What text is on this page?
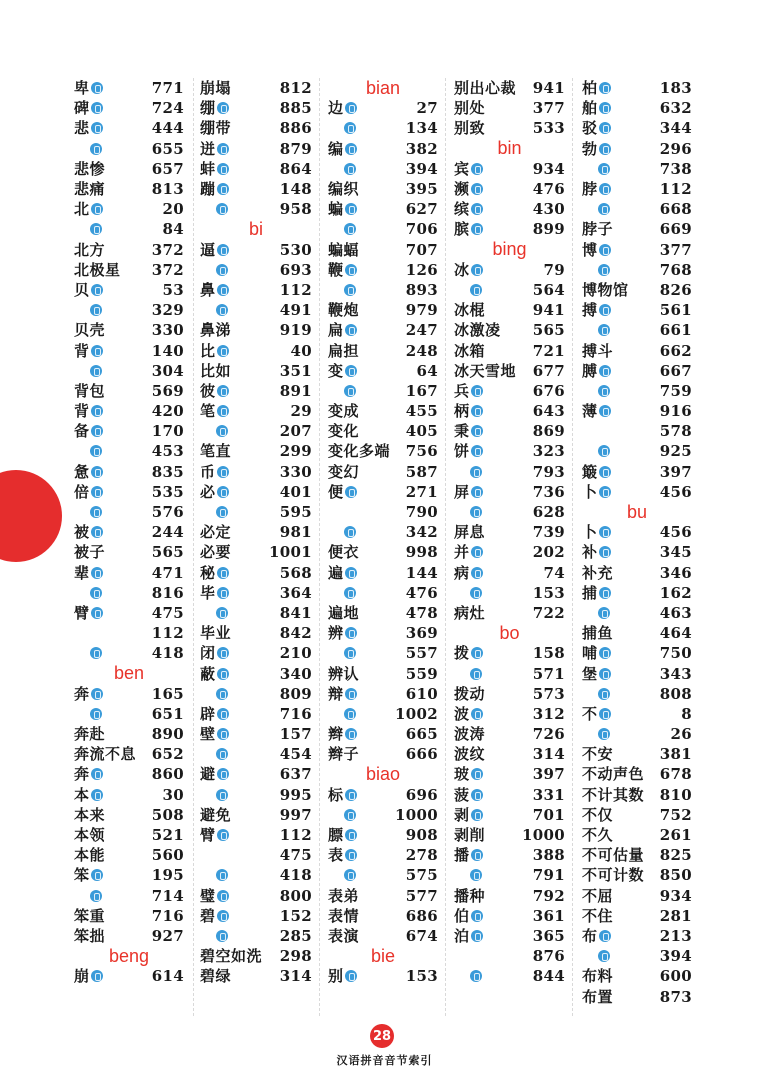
卑	771
碑	724
悲	444
655
悲惨	657
悲痛	813
北	20
84
北方	372
北极星	372
贝	53
329
贝壳	330
背	140
304
背包	569
背	420
备	170
453
惫	835
倍	535
576
被	244
被子	565
辈	471
816
臂	475
112
418
ben
奔	165
651
奔赴	890
奔流不息	652
奔	860
本	30
本来	508
本领	521
本能	560
笨	195
714
笨重	716
笨拙	927
beng
崩	614
崩塌	812
绷	885
绷带	886
迸	879
蚌	864
蹦	148
958
bi
逼	530
693
鼻	112
491
鼻涕	919
比	40
比如	351
彼	891
笔	29
207
笔直	299
币	330
必	401
595
必定	981
必要	1001
秘	568
毕	364
841
毕业	842
闭	210
蔽	340
809
辟	716
壁	157
454
避	637
995
避免	997
臂	112
475
418
璧	800
碧	152
285
碧空如洗	298
碧绿	314
bian
边	27
134
编	382
394
编织	395
蝙	627
706
蝙蝠	707
鞭	126
893
鞭炮	979
扁	247
扁担	248
变	64
167
变成	455
变化	405
变化多端	756
变幻	587
便	271
790
342
便衣	998
遍	144
476
遍地	478
辨	369
557
辨认	559
辩	610
1002
辫	665
辫子	666
biao
标	696
1000
膘	908
表	278
575
表弟	577
表情	686
表演	674
bie
别	153
别出心裁	941
别处	377
别致	533
bin
宾	934
濒	476
缤	430
膑	899
bing
冰	79
564
冰棍	941
冰激凌	565
冰箱	721
冰天雪地	677
兵	676
柄	643
秉	869
饼	323
793
屏	736
628
屏息	739
并	202
病	74
153
病灶	722
bo
拨	158
571
拨动	573
波	312
波涛	726
波纹	314
玻	397
菠	331
剥	701
剥削	1000
播	388
791
播种	792
伯	361
泊	365
876
844
柏	183
舶	632
驳	344
勃	296
738
脖	112
668
脖子	669
博	377
768
博物馆	826
搏	561
661
搏斗	662
膊	667
759
薄	916
578
925
簸	397
卜	456
bu
卜	456
补	345
补充	346
捕	162
463
捕鱼	464
哺	750
堡	343
808
不	8
26
不安	381
不动声色	678
不计其数	810
不仅	752
不久	261
不可估量	825
不可计数	850
不屈	934
不住	281
布	213
394
布料	600
布置	873
28
汉语拼音音节索引
